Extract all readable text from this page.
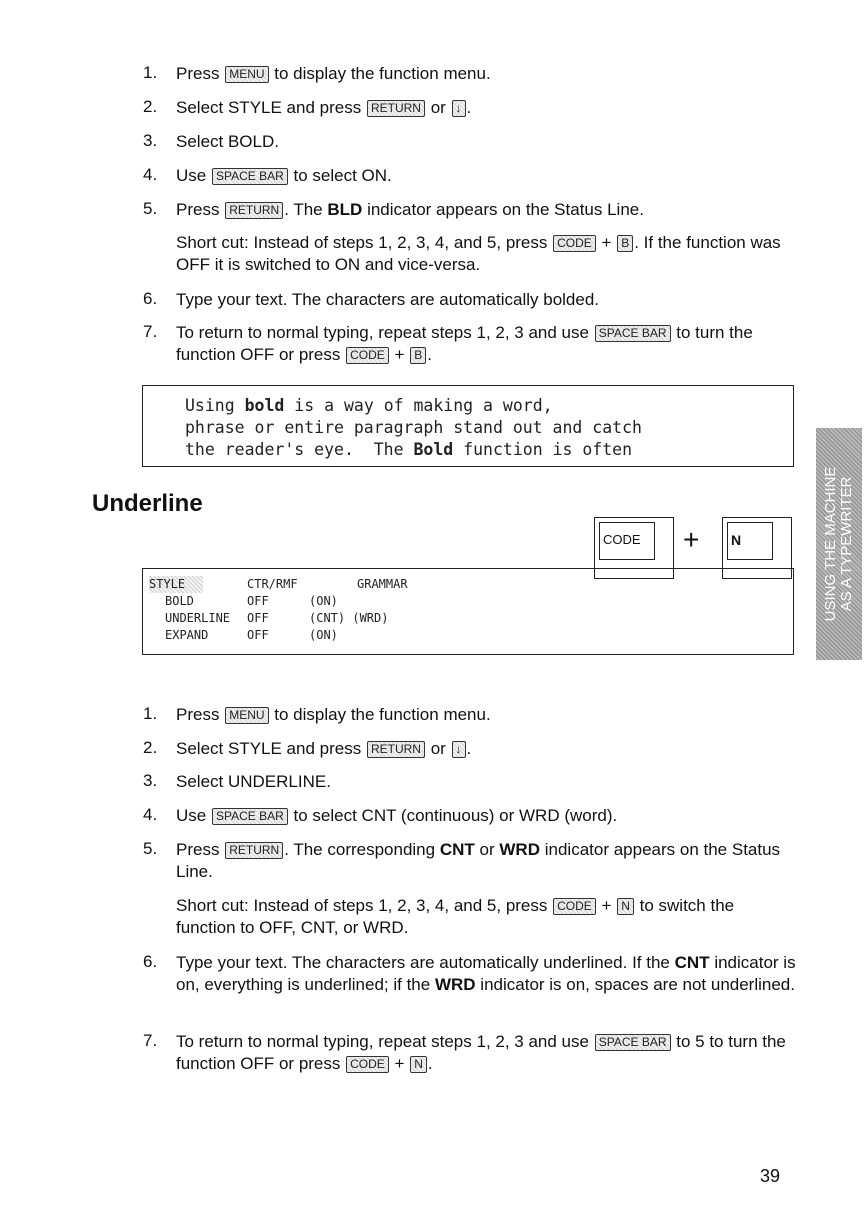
1.	Press MENU to display the function menu.
2.	Select STYLE and press RETURN or ↓ .
3.	Select BOLD.
4.	Use SPACE BAR to select ON.
5.	Press RETURN . The BLD indicator appears on the Status Line.
Short cut: Instead of steps 1, 2, 3, 4, and 5, press CODE + B . If the function was OFF it is switched to ON and vice-versa.
6.	Type your text. The characters are automatically bolded.
7.	To return to normal typing, repeat steps 1, 2, 3 and use SPACE BAR to turn the function OFF or press CODE + B .
Using bold is a way of making a word,
phrase or entire paragraph stand out and catch
the reader's eye.  The Bold function is often
Underline
CODE	+ N
STYLE	CTR/RMF	GRAMMAR
BOLD	OFF	(ON)
UNDERLINE OFF	(CNT) (WRD)
EXPAND	OFF	(ON)
1.	Press MENU to display the function menu.
2.	Select STYLE and press RETURN or ↓ .
3.	Select UNDERLINE.
4.	Use SPACE BAR to select CNT (continuous) or WRD (word).
5.	Press RETURN . The corresponding CNT or WRD indicator appears on the Status Line.
Short cut: Instead of steps 1, 2, 3, 4, and 5, press CODE + N to switch the function to OFF, CNT, or WRD.
6.	Type your text. The characters are automatically underlined. If the CNT indicator is on, everything is underlined; if the WRD indicator is on, spaces are not underlined.
7.	To return to normal typing, repeat steps 1, 2, 3 and use SPACE BAR to 5 to turn the function OFF or press CODE + N .
USING THE MACHINE AS A TYPEWRITER
39
